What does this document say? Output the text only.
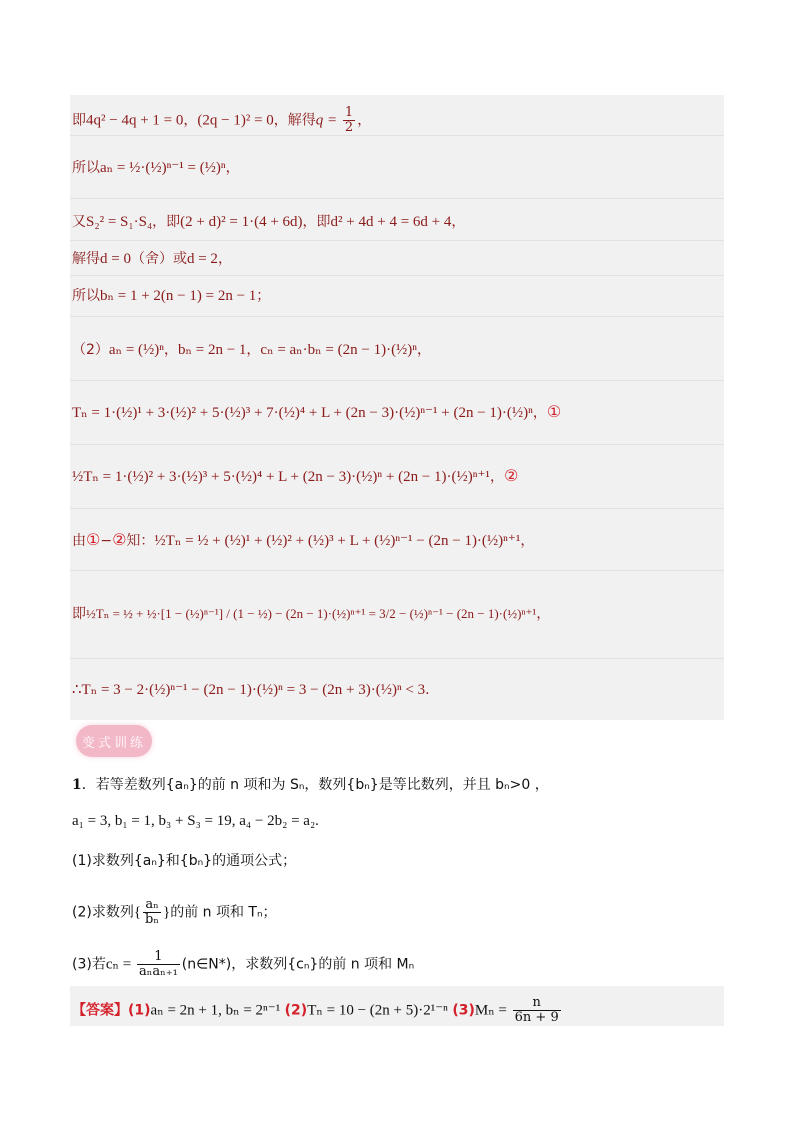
即4q² − 4q + 1 = 0，(2q − 1)² = 0，解得$q = \frac{1}{2}$ ，
所以aₙ = ½·(½)ⁿ⁻¹ = (½)ⁿ，
又S₂² = S₁·S₄，即(2 + d)² = 1·(4 + 6d)，即d² + 4d + 4 = 6d + 4，
解得d = 0（舍）或d = 2，
所以bₙ = 1 + 2(n − 1) = 2n − 1；
（2）aₙ = (½)ⁿ，bₙ = 2n − 1，cₙ = aₙ·bₙ = (2n − 1)·(½)ⁿ，
Tₙ = 1·(½)¹ + 3·(½)² + 5·(½)³ + 7·(½)⁴ + L + (2n − 3)·(½)ⁿ⁻¹ + (2n − 1)·(½)ⁿ，①
½Tₙ = 1·(½)² + 3·(½)³ + 5·(½)⁴ + L + (2n − 3)·(½)ⁿ + (2n − 1)·(½)ⁿ⁺¹，②
由①−②知：½Tₙ = ½ + (½)¹ + (½)² + (½)³ + L + (½)ⁿ⁻¹ − (2n − 1)·(½)ⁿ⁺¹，
即½Tₙ = ½ + ½·[1 − (½)ⁿ⁻¹] / (1 − ½) − (2n − 1)·(½)ⁿ⁺¹ = 3/2 − (½)ⁿ⁻¹ − (2n − 1)·(½)ⁿ⁺¹，
∴Tₙ = 3 − 2·(½)ⁿ⁻¹ − (2n − 1)·(½)ⁿ = 3 − (2n + 3)·(½)ⁿ < 3.
变式训练
1．若等差数列{aₙ}的前 n 项和为 Sₙ，数列{bₙ}是等比数列，并且 bₙ>0 ，
a₁ = 3, b₁ = 1, b₃ + S₃ = 19, a₄ − 2b₂ = a₂.
(1)求数列{aₙ}和{bₙ}的通项公式；
(2)求数列{ $\frac{\text{aₙ}}{\text{bₙ}}$ }的前 n 项和 Tₙ；
(3)若$c_n = \frac{1}{\text{aₙaₙ₊₁}}$ (n∈N*)，求数列{cₙ}的前 n 项和 Mₙ
【答案】(1)aₙ = 2n + 1, bₙ = 2ⁿ⁻¹ (2)Tₙ = 10 − (2n + 5)·2¹⁻ⁿ $(3)M_n = \frac{n}{6n + 9}$
